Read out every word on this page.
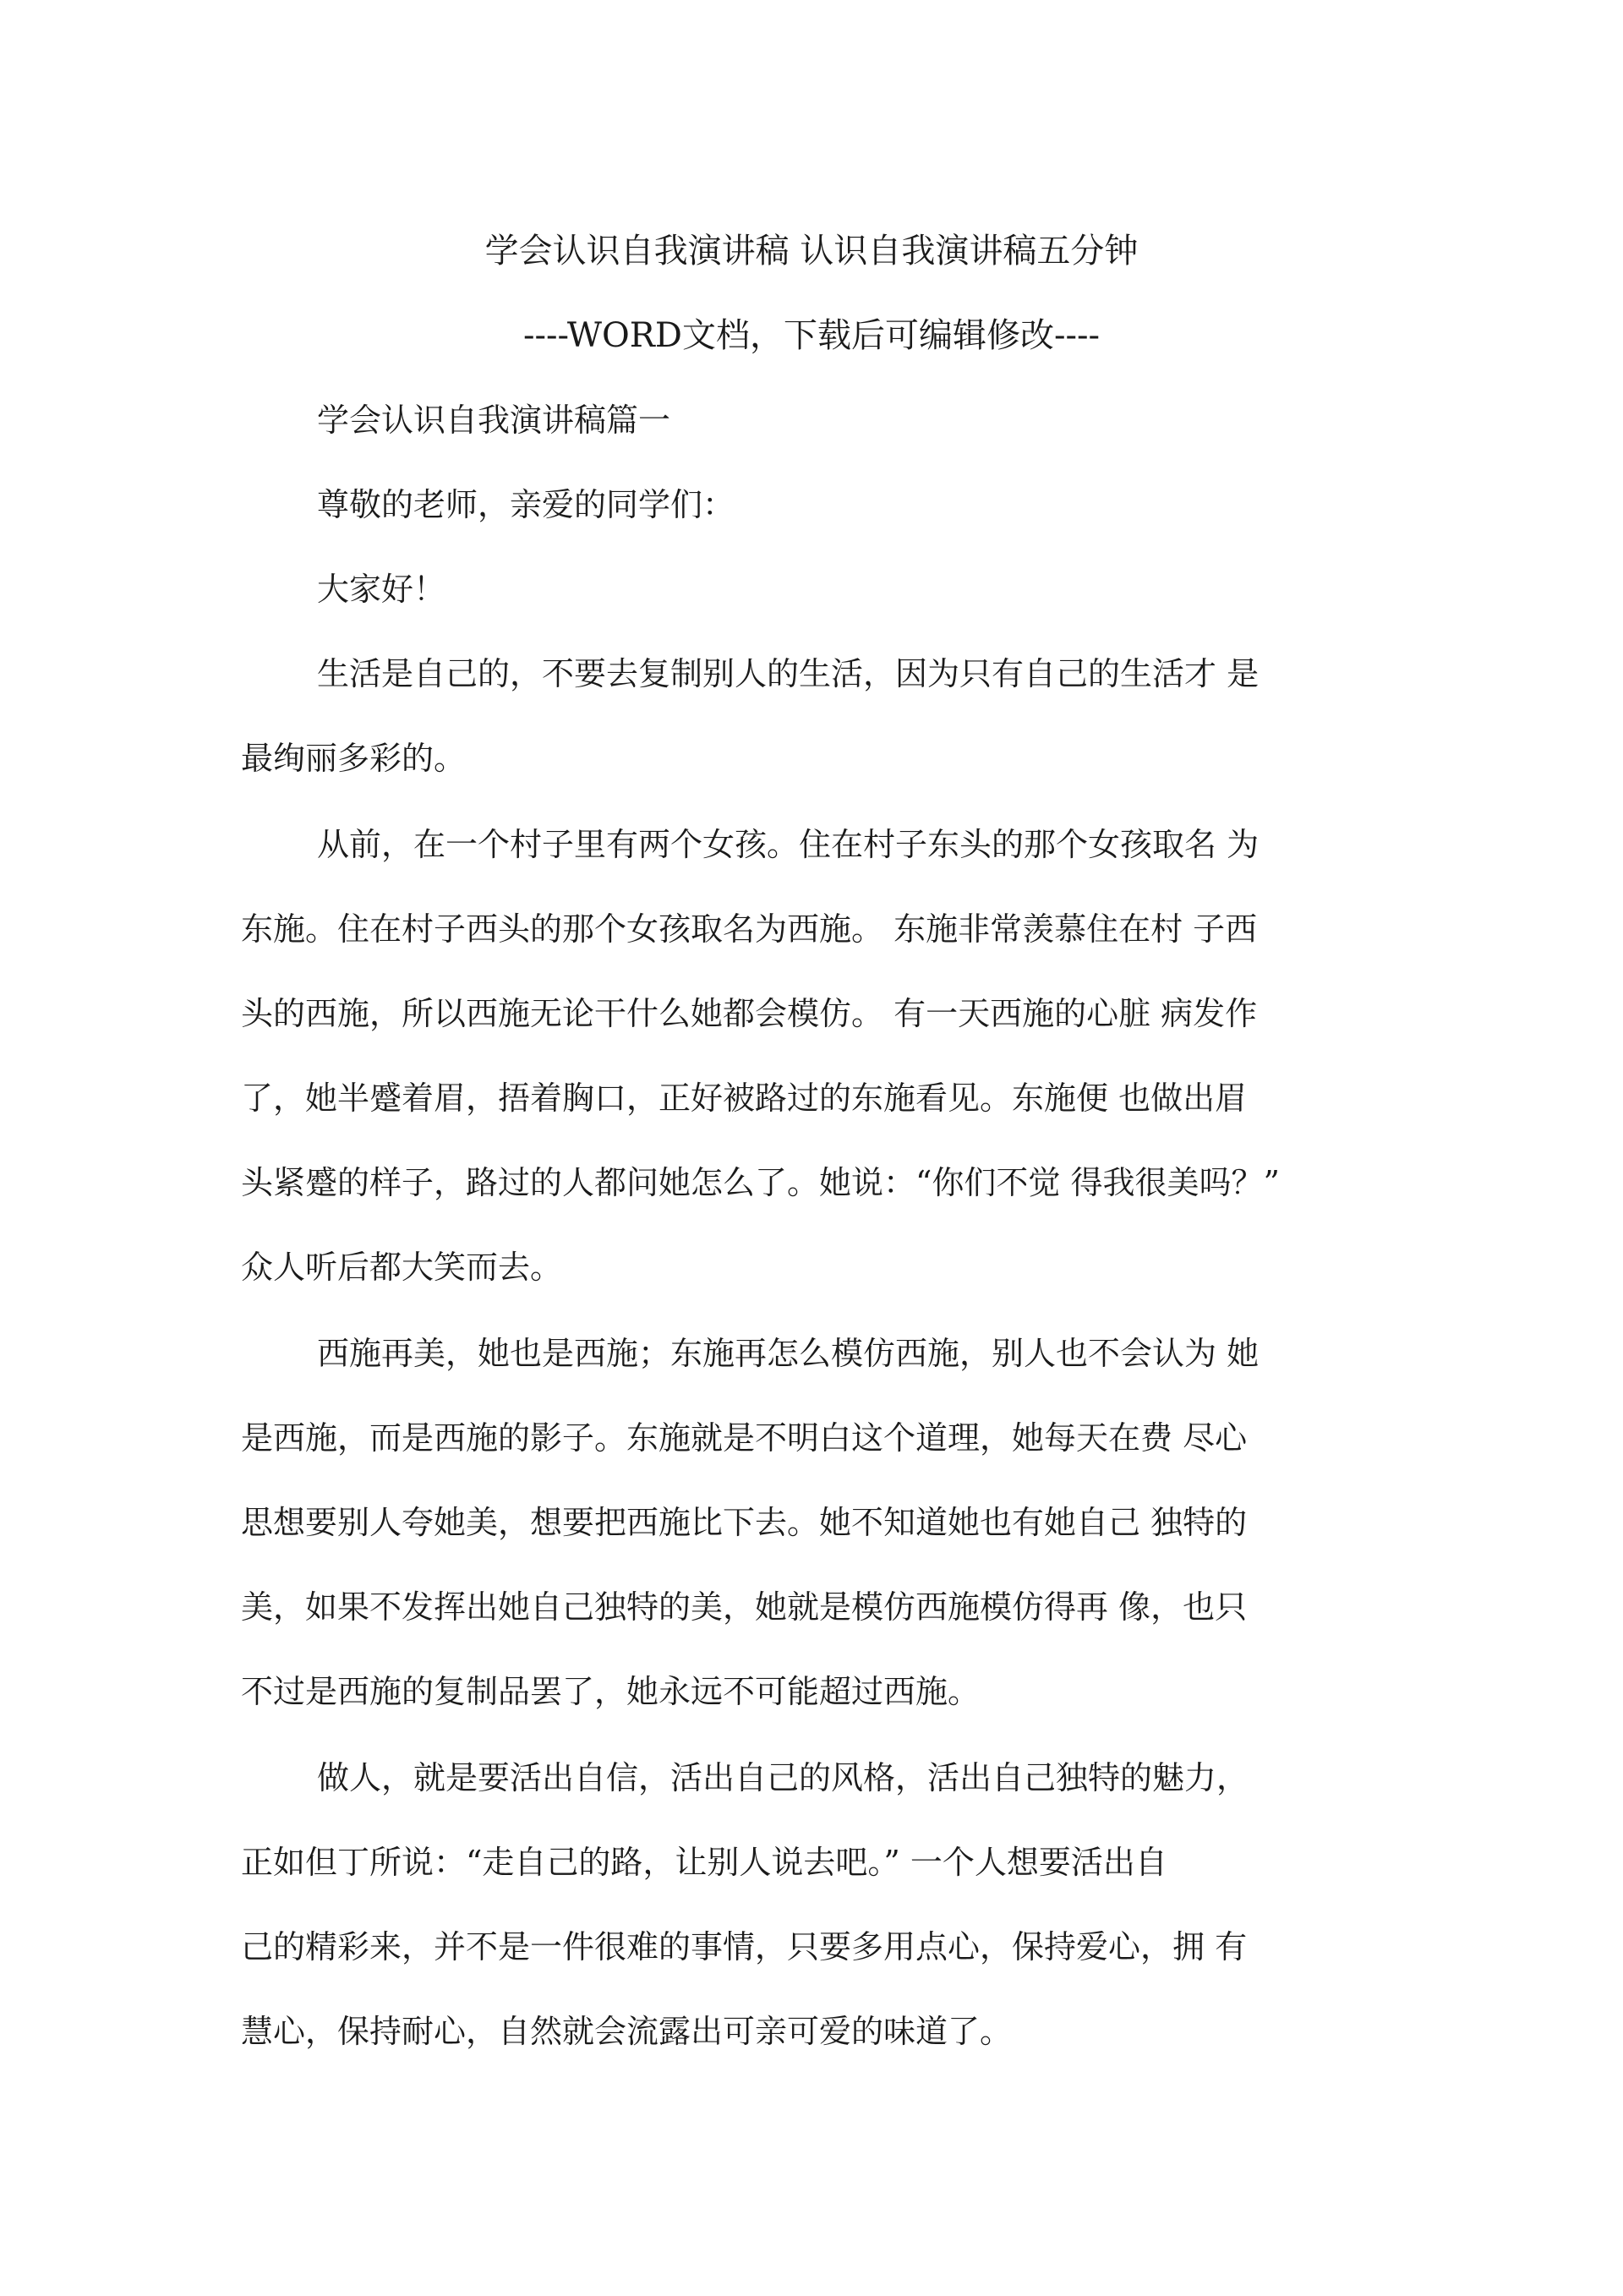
学会认识自我演讲稿 认识自我演讲稿五分钟
----WORD文档，下载后可编辑修改----
学会认识自我演讲稿篇一
尊敬的老师，亲爱的同学们：
大家好！
生活是自己的，不要去复制别人的生活，因为只有自己的生活才 是
最绚丽多彩的。
从前，在一个村子里有两个女孩。住在村子东头的那个女孩取名 为
东施。住在村子西头的那个女孩取名为西施。 东施非常羡慕住在村 子西
头的西施，所以西施无论干什么她都会模仿。 有一天西施的心脏 病发作
了，她半蹙着眉，捂着胸口，正好被路过的东施看见。东施便 也做出眉
头紧蹙的样子，路过的人都问她怎么了。她说：“你们不觉 得我很美吗？”
众人听后都大笑而去。
西施再美，她也是西施；东施再怎么模仿西施，别人也不会认为 她
是西施，而是西施的影子。东施就是不明白这个道理，她每天在费 尽心
思想要别人夸她美，想要把西施比下去。她不知道她也有她自己 独特的
美，如果不发挥出她自己独特的美，她就是模仿西施模仿得再 像，也只
不过是西施的复制品罢了，她永远不可能超过西施。
做人，就是要活出自信，活出自己的风格，活出自己独特的魅力，
正如但丁所说：“走自己的路，让别人说去吧。” 一个人想要活出自
己的精彩来，并不是一件很难的事情，只要多用点心，保持爱心，拥 有
慧心，保持耐心，自然就会流露出可亲可爱的味道了。
